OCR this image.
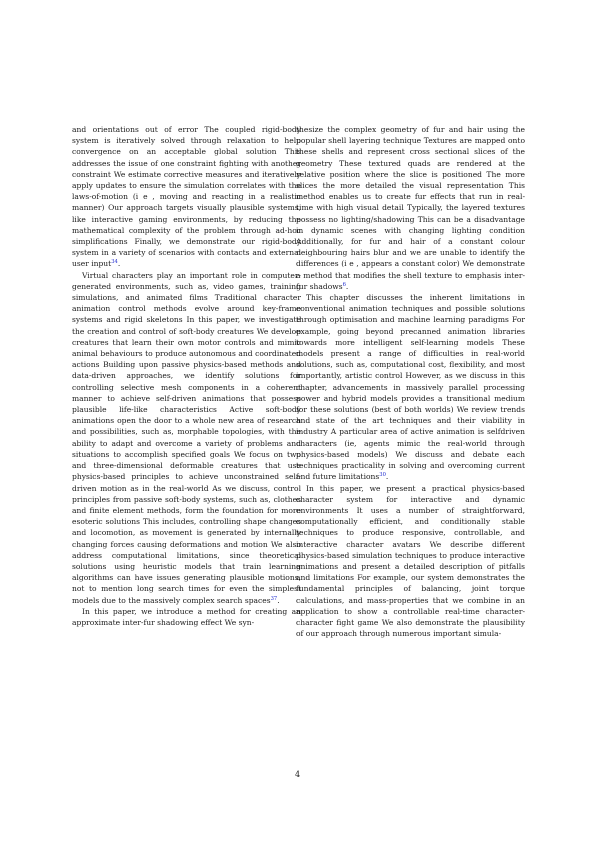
and orientations out of error The coupled rigid-body system is iteratively solved through relaxation to help convergence on an acceptable global solution This addresses the issue of one constraint fighting with another constraint We estimate corrective measures and iteratively apply updates to ensure the simulation correlates with the laws-of-motion (i e , moving and reacting in a realistic manner) Our approach targets visually plausible systems, like interactive gaming environments, by reducing the mathematical complexity of the problem through ad-hoc simplifications Finally, we demonstrate our rigid-body system in a variety of scenarios with contacts and external user input$^{34}$.

Virtual characters play an important role in computer-generated environments, such as, video games, training simulations, and animated films Traditional character animation control methods evolve around key-frame systems and rigid skeletons In this paper, we investigate the creation and control of soft-body creatures We develop creatures that learn their own motor controls and mimic animal behaviours to produce autonomous and coordinated actions Building upon passive physics-based methods and data-driven approaches, we identify solutions for controlling selective mesh components in a coherent manner to achieve self-driven animations that possess plausible life-like characteristics Active soft-body animations open the door to a whole new area of research and possibilities, such as, morphable topologies, with the ability to adapt and overcome a variety of problems and situations to accomplish specified goals We focus on two and three-dimensional deformable creatures that use physics-based principles to achieve unconstrained self-driven motion as in the real-world As we discuss, control principles from passive soft-body systems, such as, clothes and finite element methods, form the foundation for more esoteric solutions This includes, controlling shape changes and locomotion, as movement is generated by internally changing forces causing deformations and motion We also address computational limitations, since theoretical solutions using heuristic models that train learning algorithms can have issues generating plausible motions, not to mention long search times for even the simplest models due to the massively complex search spaces$^{37}$.

In this paper, we introduce a method for creating an approximate inter-fur shadowing effect We syn-

thesize the complex geometry of fur and hair using the popular shell layering technique Textures are mapped onto these shells and represent cross sectional slices of the geometry These textured quads are rendered at the relative position where the slice is positioned The more slices the more detailed the visual representation This method enables us to create fur effects that run in real-time with high visual detail Typically, the layered textures possess no lighting/shadowing This can be a disadvantage in dynamic scenes with changing lighting condition Additionally, for fur and hair of a constant colour neighbouring hairs blur and we are unable to identify the differences (i e , appears a constant color) We demonstrate a method that modifies the shell texture to emphasis inter-fur shadows$^6$.

This chapter discusses the inherent limitations in conventional animation techniques and possible solutions through optimisation and machine learning paradigms For example, going beyond precanned animation libraries towards more intelligent self-learning models These models present a range of difficulties in real-world solutions, such as, computational cost, flexibility, and most importantly, artistic control However, as we discuss in this chapter, advancements in massively parallel processing power and hybrid models provides a transitional medium for these solutions (best of both worlds) We review trends and state of the art techniques and their viability in industry A particular area of active animation is selfdriven characters (ie, agents mimic the real-world through physics-based models) We discuss and debate each techniques practicality in solving and overcoming current and future limitations$^{30}$.

In this paper, we present a practical physics-based character system for interactive and dynamic environments It uses a number of straightforward, computationally efficient, and conditionally stable techniques to produce responsive, controllable, and interactive character avatars We describe different physics-based simulation techniques to produce interactive animations and present a detailed description of pitfalls and limitations For example, our system demonstrates the fundamental principles of balancing, joint torque calculations, and mass-properties that we combine in an application to show a controllable real-time character-character fight game We also demonstrate the plausibility of our approach through numerous important simula-

4
